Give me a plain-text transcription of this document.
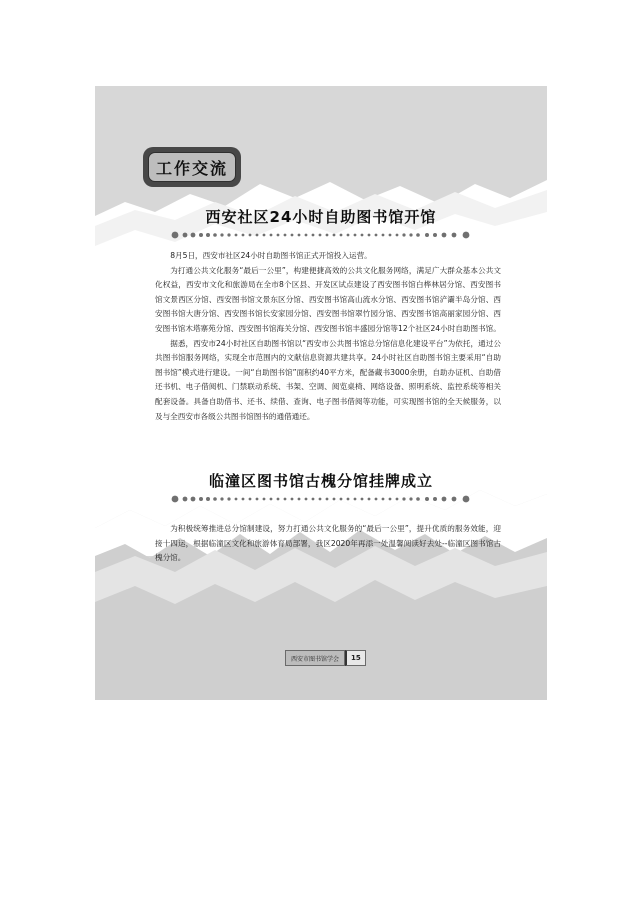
工作交流
西安社区24小时自助图书馆开馆

8月5日，西安市社区24小时自助图书馆正式开馆投入运营。

为打通公共文化服务“最后一公里”，构建便捷高效的公共文化服务网络，满足广大群众基本公共文化权益，西安市文化和旅游局在全市8个区县、开发区试点建设了西安图书馆白桦林居分馆、西安图书馆文景西区分馆、西安图书馆文景东区分馆、西安图书馆高山流水分馆、西安图书馆浐灞半岛分馆、西安图书馆大唐分馆、西安图书馆长安家园分馆、西安图书馆翠竹园分馆、西安图书馆高丽家园分馆、西安图书馆木塔寨苑分馆、西安图书馆海关分馆、西安图书馆丰盛园分馆等12个社区24小时自助图书馆。

据悉，西安市24小时社区自助图书馆以“西安市公共图书馆总分馆信息化建设平台”为依托，通过公共图书馆服务网络，实现全市范围内的文献信息资源共建共享。24小时社区自助图书馆主要采用“自助图书馆”模式进行建设。一间“自助图书馆”面积约40平方米，配备藏书3000余册，自助办证机、自助借还书机、电子借阅机、门禁联动系统、书架、空调、阅览桌椅、网络设备、照明系统、监控系统等相关配套设备。具备自助借书、还书、续借、查询、电子图书借阅等功能，可实现图书馆的全天候服务，以及与全西安市各级公共图书馆图书的通借通还。

临潼区图书馆古槐分馆挂牌成立

为积极统筹推进总分馆制建设，努力打通公共文化服务的“最后一公里”，提升优质的服务效能，迎接十四运，根据临潼区文化和旅游体育局部署，我区2020年再添一处温馨阅读好去处--临潼区图书馆古槐分馆。

西安市图书馆学会	15
